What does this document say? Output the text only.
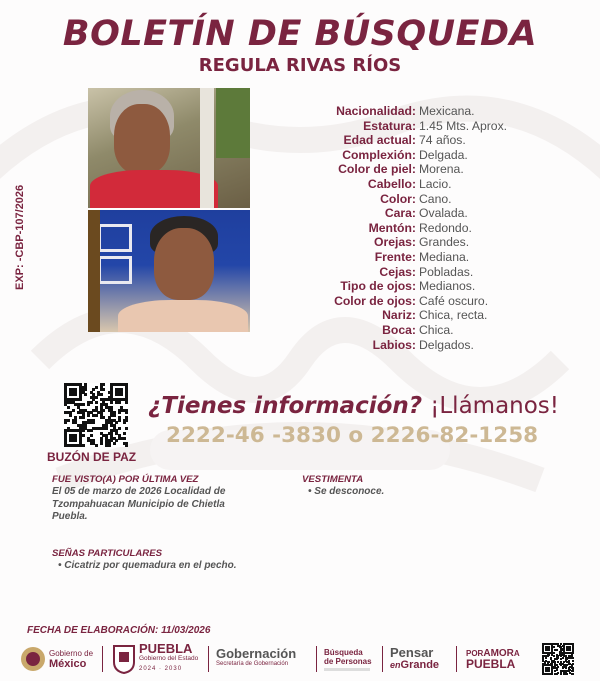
BOLETÍN DE BÚSQUEDA
REGULA RIVAS RÍOS
EXP: -CBP-107/2026
Nacionalidad: Mexicana.
Estatura: 1.45 Mts. Aprox.
Edad actual: 74 años.
Complexión: Delgada.
Color de piel: Morena.
Cabello: Lacio.
Color: Cano.
Cara: Ovalada.
Mentón: Redondo.
Orejas: Grandes.
Frente: Mediana.
Cejas: Pobladas.
Tipo de ojos: Medianos.
Color de ojos: Café oscuro.
Nariz: Chica, recta.
Boca: Chica.
Labios: Delgados.
BUZÓN DE PAZ
¿Tienes información? ¡Llámanos!
2222-46 -3830 o 2226-82-1258
FUE VISTO(A) POR ÚLTIMA VEZ
El 05 de marzo de 2026 Localidad de
Tzompahuacan Municipio de Chietla
Puebla.
VESTIMENTA
• Se desconoce.
SEÑAS PARTICULARES
• Cicatriz por quemadura en el pecho.
FECHA DE ELABORACIÓN: 11/03/2026
Gobierno de
México
PUEBLA
Gobierno del Estado
2024 · 2030
Gobernación
Secretaría de Gobernación
Búsqueda
de Personas
Pensar
enGrande
PORAMORA
PUEBLA
